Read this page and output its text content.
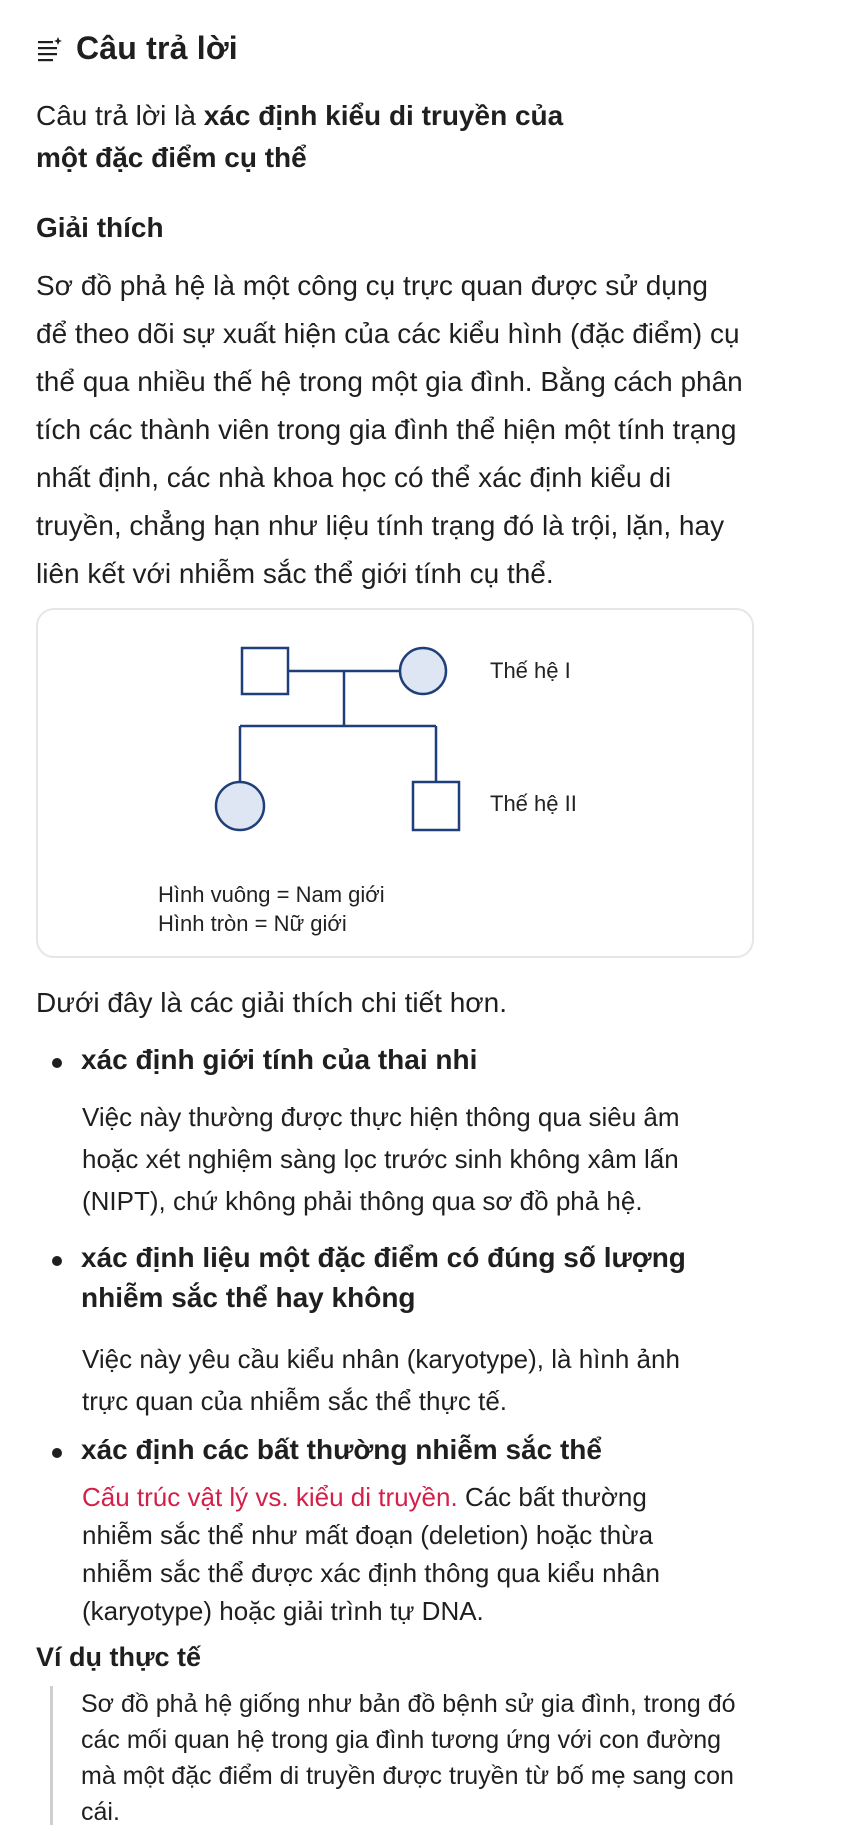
Câu trả lời
Câu trả lời là xác định kiểu di truyền của
một đặc điểm cụ thể
Giải thích
Sơ đồ phả hệ là một công cụ trực quan được sử dụng để theo dõi sự xuất hiện của các kiểu hình (đặc điểm) cụ thể qua nhiều thế hệ trong một gia đình. Bằng cách phân tích các thành viên trong gia đình thể hiện một tính trạng nhất định, các nhà khoa học có thể xác định kiểu di truyền, chẳng hạn như liệu tính trạng đó là trội, lặn, hay liên kết với nhiễm sắc thể giới tính cụ thể.
Thế hệ I
Thế hệ II
Hình vuông = Nam giới
Hình tròn = Nữ giới
Dưới đây là các giải thích chi tiết hơn.
xác định giới tính của thai nhi
Việc này thường được thực hiện thông qua siêu âm hoặc xét nghiệm sàng lọc trước sinh không xâm lấn (NIPT), chứ không phải thông qua sơ đồ phả hệ.
xác định liệu một đặc điểm có đúng số lượng nhiễm sắc thể hay không
Việc này yêu cầu kiểu nhân (karyotype), là hình ảnh trực quan của nhiễm sắc thể thực tế.
xác định các bất thường nhiễm sắc thể
Cấu trúc vật lý vs. kiểu di truyền. Các bất thường nhiễm sắc thể như mất đoạn (deletion) hoặc thừa nhiễm sắc thể được xác định thông qua kiểu nhân (karyotype) hoặc giải trình tự DNA.
Ví dụ thực tế
Sơ đồ phả hệ giống như bản đồ bệnh sử gia đình, trong đó các mối quan hệ trong gia đình tương ứng với con đường mà một đặc điểm di truyền được truyền từ bố mẹ sang con cái.
